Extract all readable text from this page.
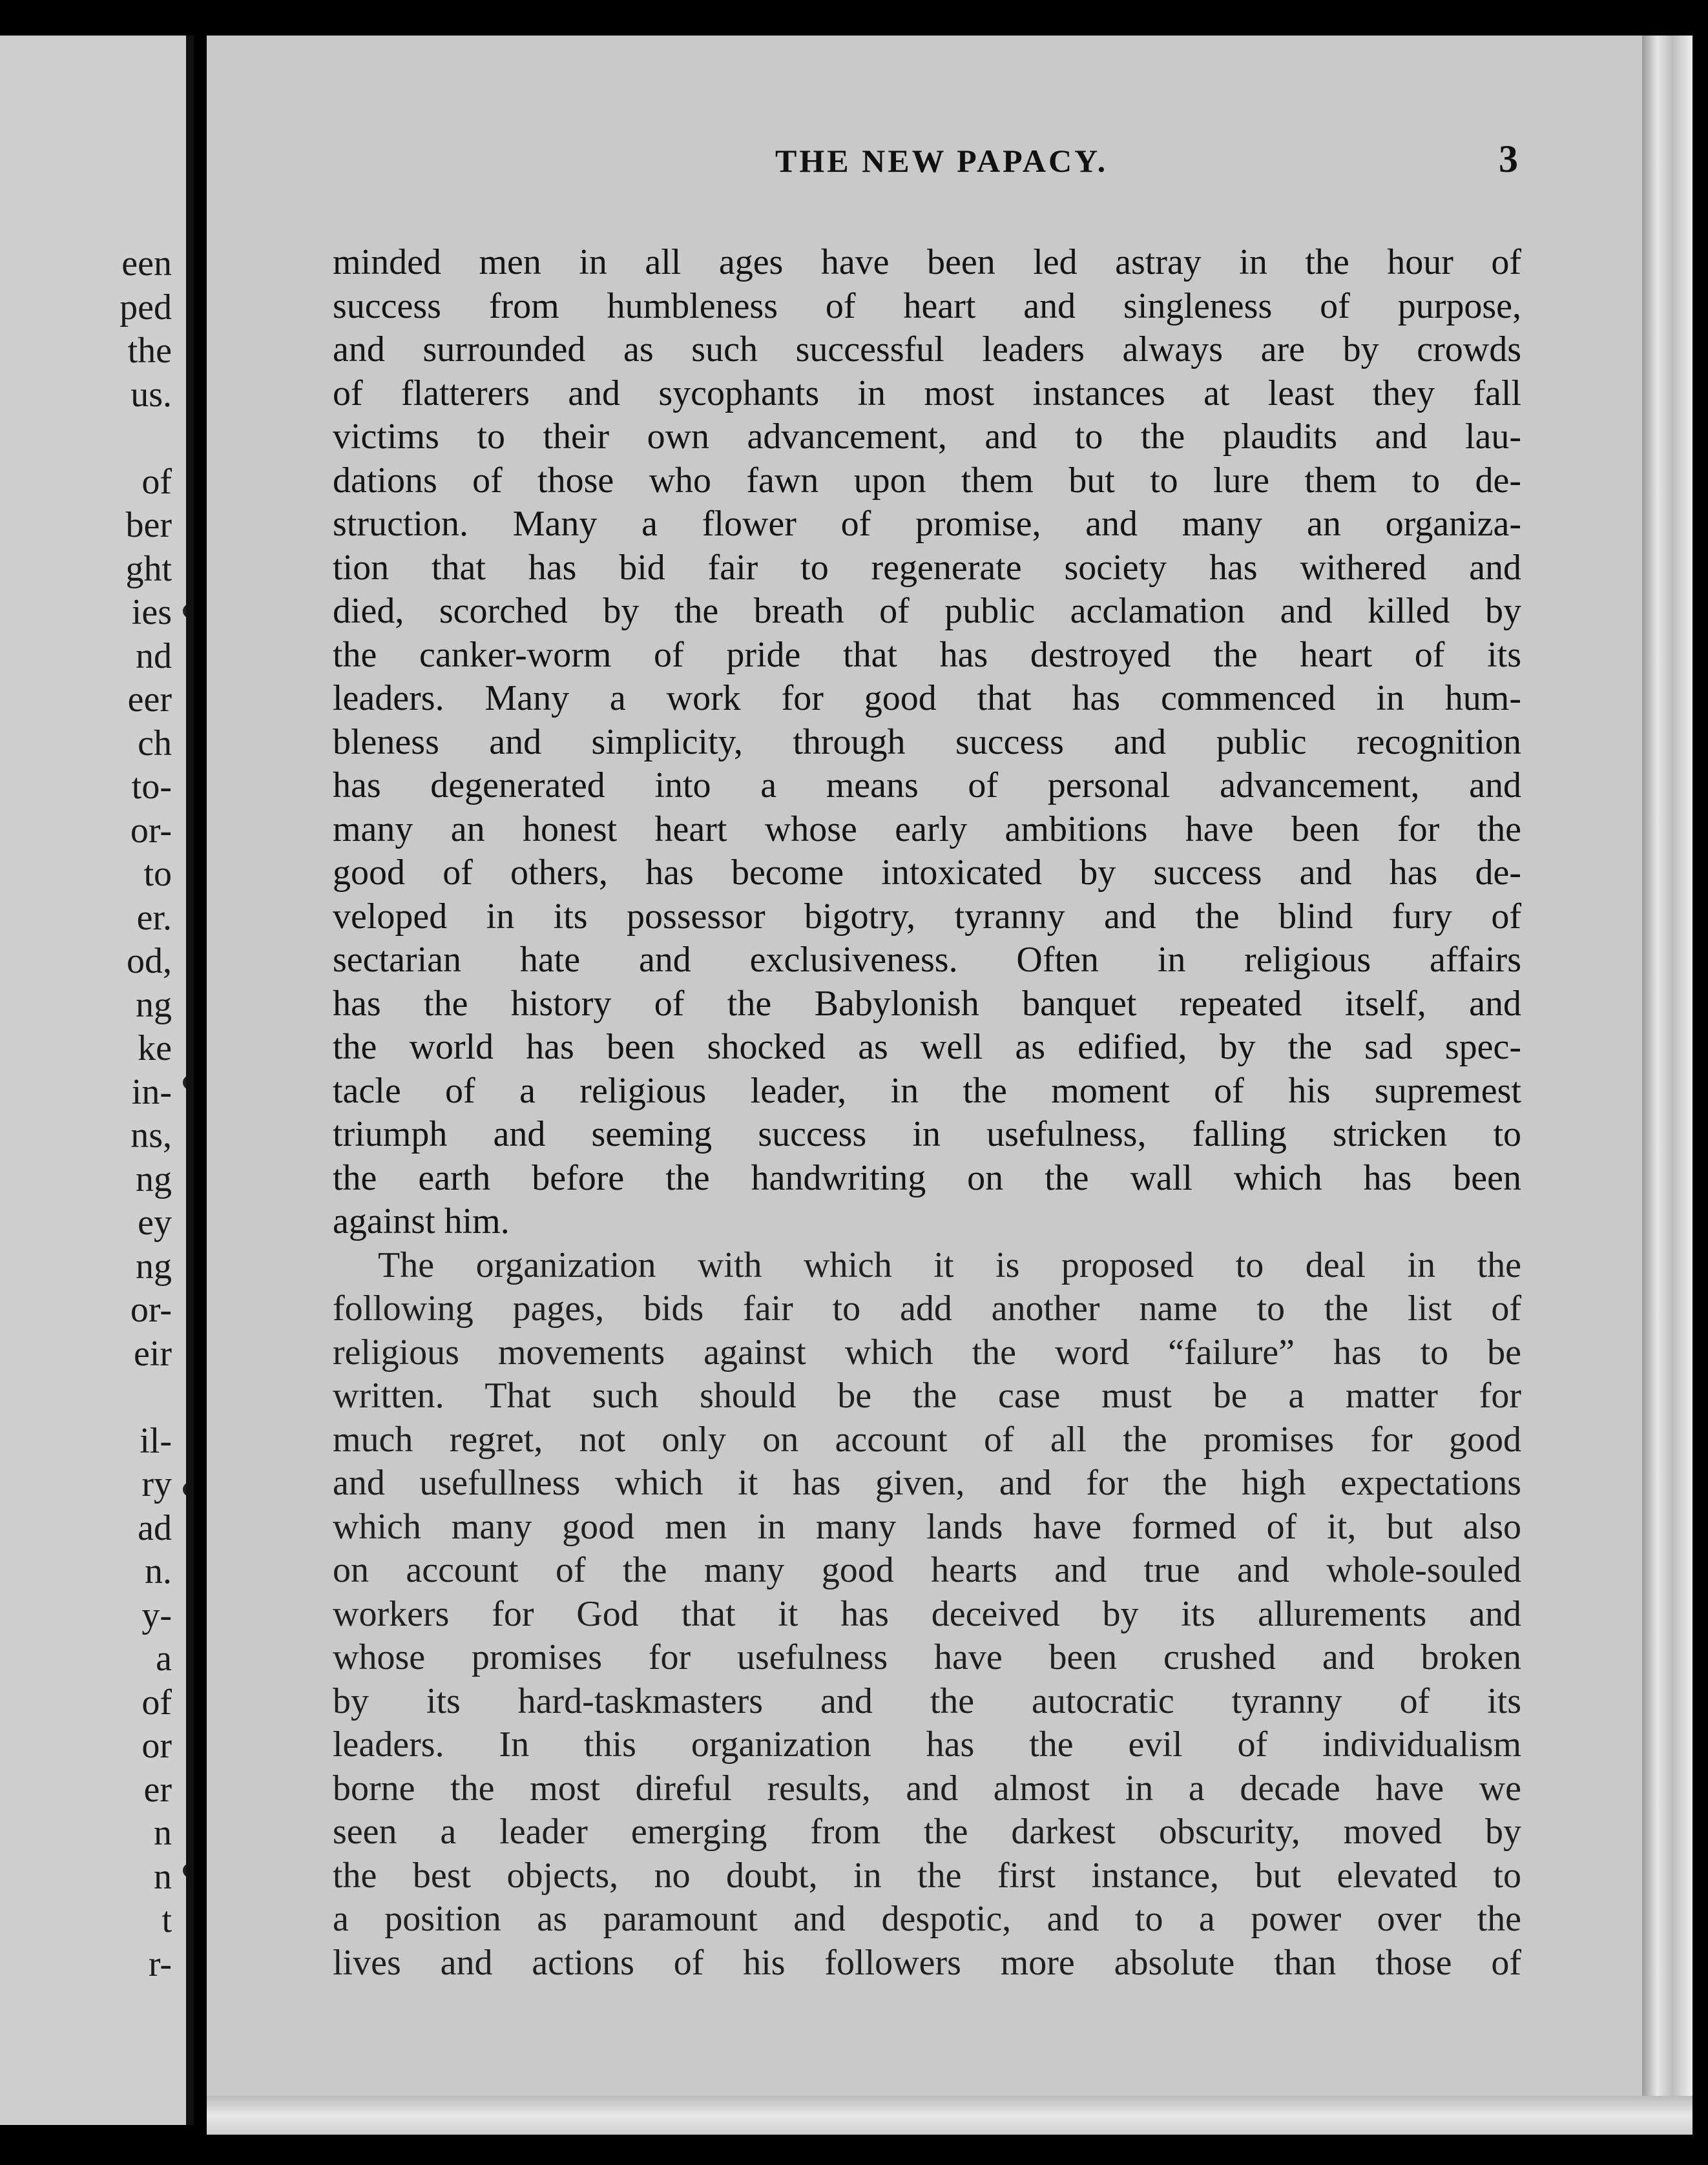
een
ped
the
us.
of
ber
ght
ies
nd
eer
ch
to-
or-
to
er.
od,
ng
ke
in-
ns,
ng
ey
ng
or-
eir
il-
ry
ad
n.
y-
a
of
or
er
n
n
t
r-
THE NEW PAPACY.	3
minded men in all ages have been led astray in the hour of
success from humbleness of heart and singleness of purpose,
and surrounded as such successful leaders always are by crowds
of flatterers and sycophants in most instances at least they fall
victims to their own advancement, and to the plaudits and lau-
dations of those who fawn upon them but to lure them to de-
struction. Many a flower of promise, and many an organiza-
tion that has bid fair to regenerate society has withered and
died, scorched by the breath of public acclamation and killed by
the canker-worm of pride that has destroyed the heart of its
leaders. Many a work for good that has commenced in hum-
bleness and simplicity, through success and public recognition
has degenerated into a means of personal advancement, and
many an honest heart whose early ambitions have been for the
good of others, has become intoxicated by success and has de-
veloped in its possessor bigotry, tyranny and the blind fury of
sectarian hate and exclusiveness. Often in religious affairs
has the history of the Babylonish banquet repeated itself, and
the world has been shocked as well as edified, by the sad spec-
tacle of a religious leader, in the moment of his supremest
triumph and seeming success in usefulness, falling stricken to
the earth before the handwriting on the wall which has been
against him.
The organization with which it is proposed to deal in the
following pages, bids fair to add another name to the list of
religious movements against which the word “failure” has to be
written. That such should be the case must be a matter for
much regret, not only on account of all the promises for good
and usefullness which it has given, and for the high expectations
which many good men in many lands have formed of it, but also
on account of the many good hearts and true and whole-souled
workers for God that it has deceived by its allurements and
whose promises for usefulness have been crushed and broken
by its hard-taskmasters and the autocratic tyranny of its
leaders. In this organization has the evil of individualism
borne the most direful results, and almost in a decade have we
seen a leader emerging from the darkest obscurity, moved by
the best objects, no doubt, in the first instance, but elevated to
a position as paramount and despotic, and to a power over the
lives and actions of his followers more absolute than those of
